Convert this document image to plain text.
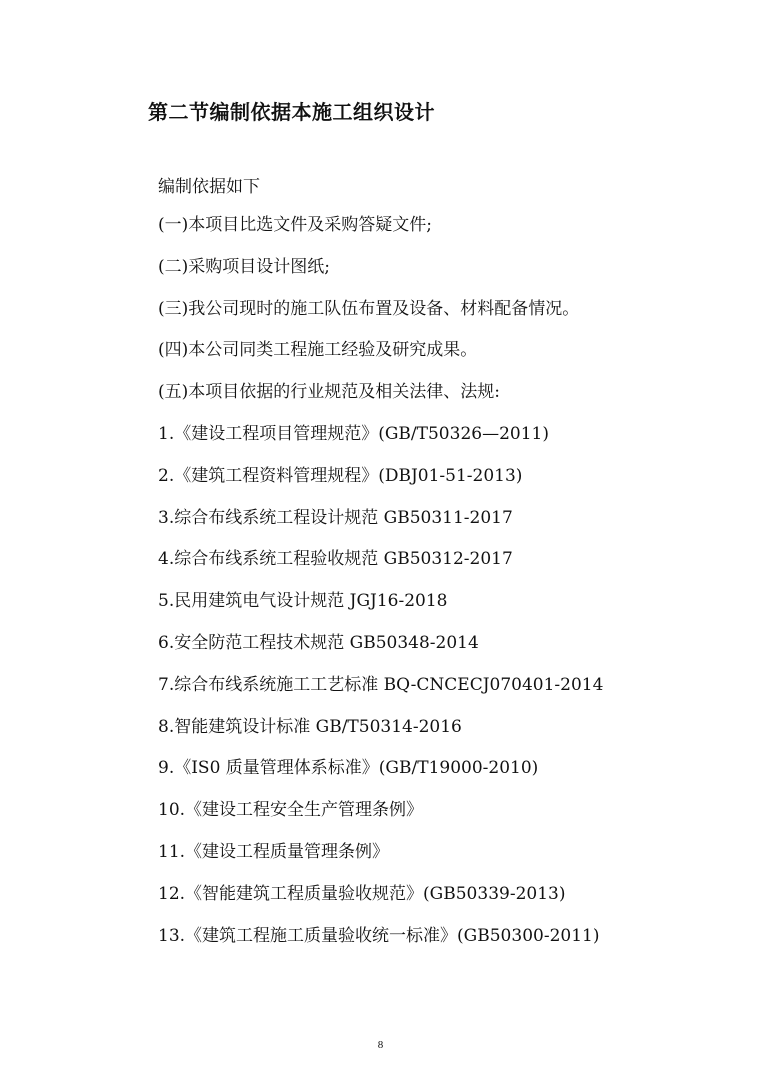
第二节编制依据本施工组织设计
编制依据如下
(一)本项目比选文件及采购答疑文件;
(二)采购项目设计图纸;
(三)我公司现时的施工队伍布置及设备、材料配备情况。
(四)本公司同类工程施工经验及研究成果。
(五)本项目依据的行业规范及相关法律、法规:
1.《建设工程项目管理规范》(GB/T50326—2011)
2.《建筑工程资料管理规程》(DBJ01-51-2013)
3.综合布线系统工程设计规范 GB50311-2017
4.综合布线系统工程验收规范 GB50312-2017
5.民用建筑电气设计规范 JGJ16-2018
6.安全防范工程技术规范 GB50348-2014
7.综合布线系统施工工艺标准 BQ-CNCECJ070401-2014
8.智能建筑设计标准 GB/T50314-2016
9.《IS0 质量管理体系标准》(GB/T19000-2010)
10.《建设工程安全生产管理条例》
11.《建设工程质量管理条例》
12.《智能建筑工程质量验收规范》(GB50339-2013)
13.《建筑工程施工质量验收统一标准》(GB50300-2011)
8
